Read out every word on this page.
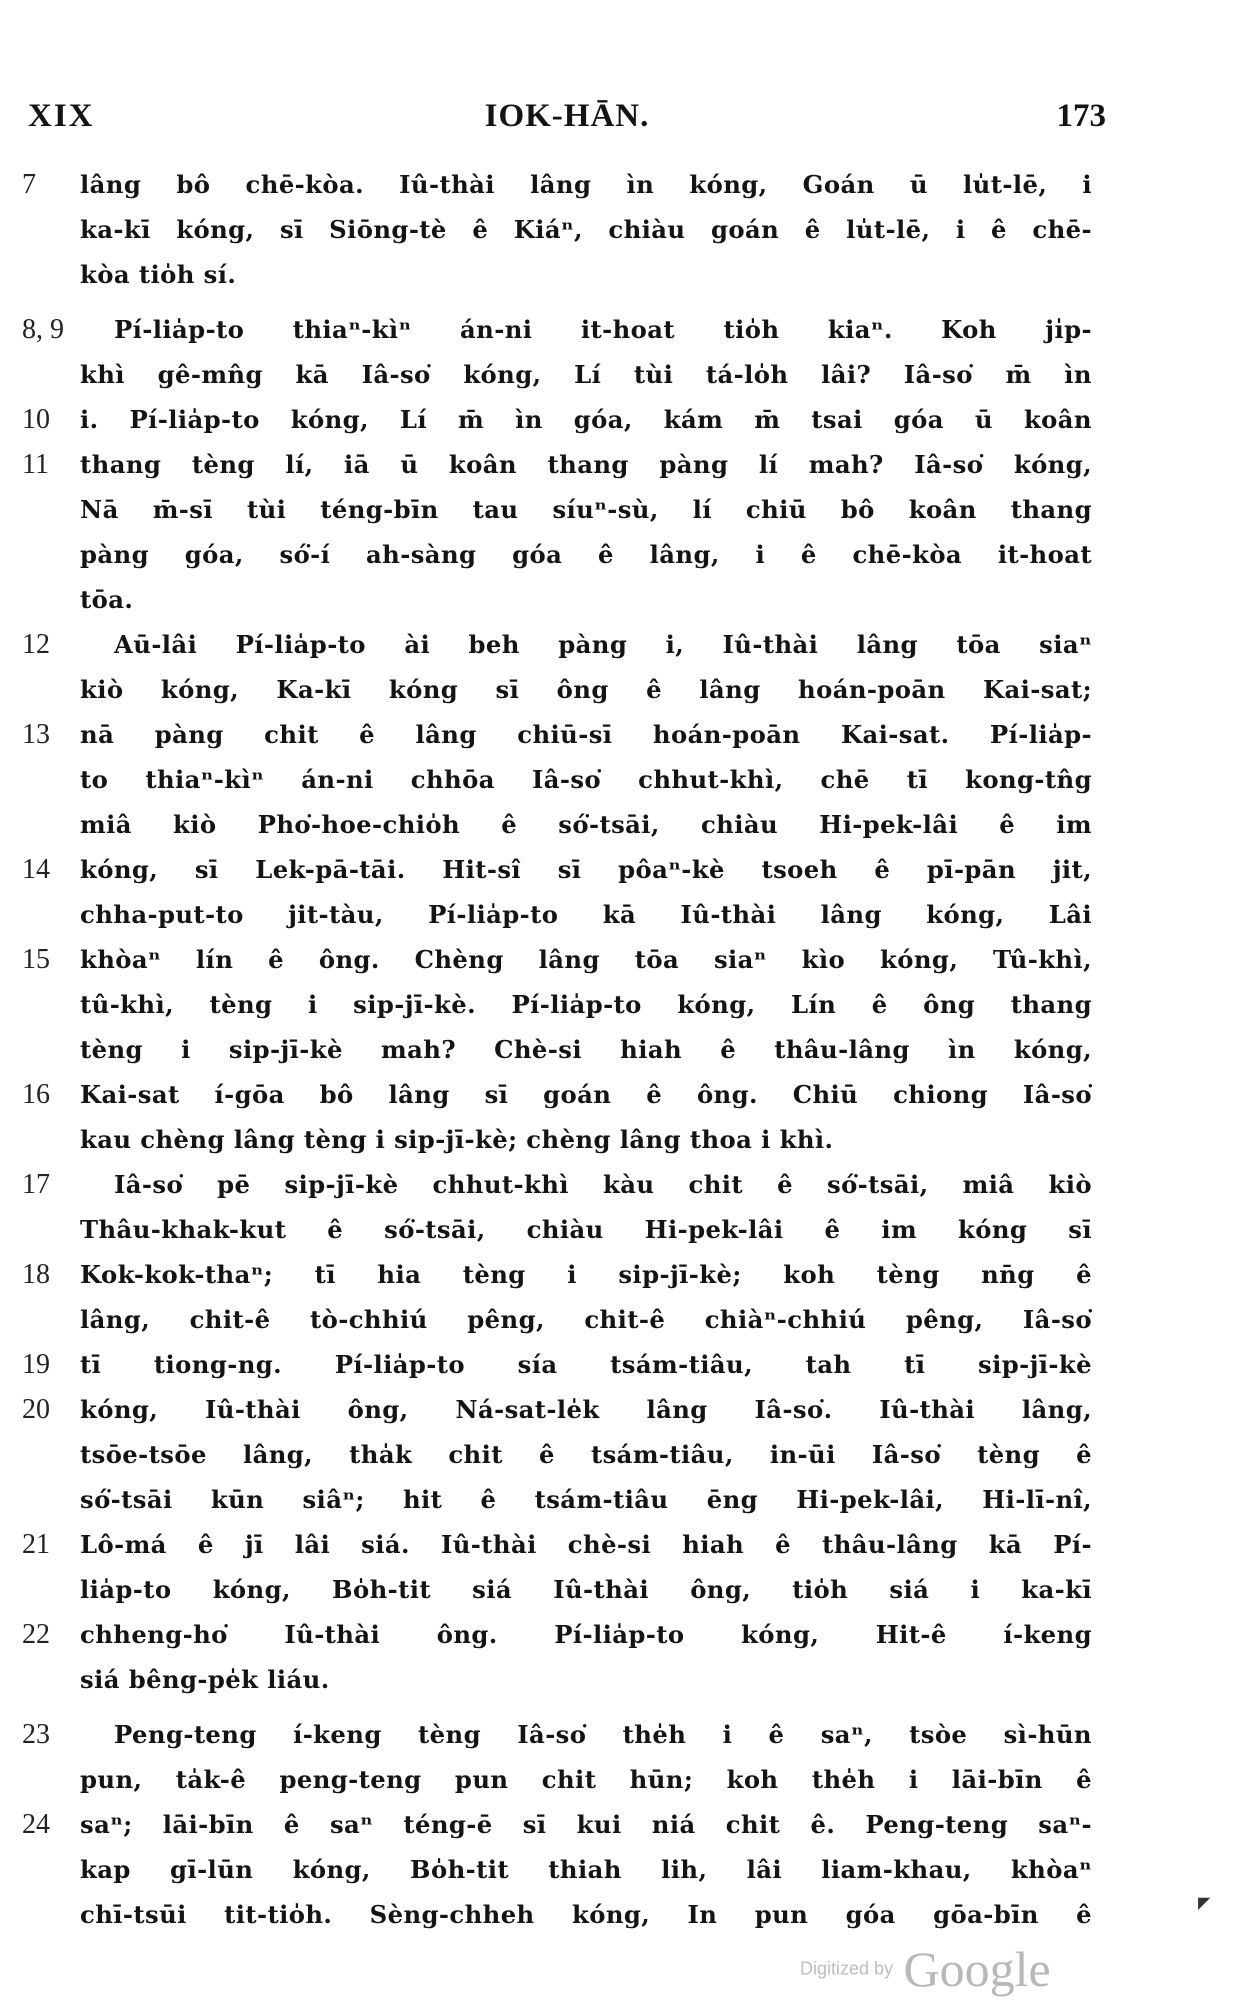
XIX	IOK-HĀN.	173
7	lâng bô chē-kòa. Iû-thài lâng ìn kóng, Goán ū lu̍t-lē, i
ka-kī kóng, sī Siōng-tè ê Kiáⁿ, chiàu goán ê lu̍t-lē, i ê chē-
kòa tio̍h sí.
8, 9	Pí-lia̍p-to thiaⁿ-kìⁿ án-ni it-hoat tio̍h kiaⁿ. Koh ji̍p-
khì gê-mn̂g kā Iâ-so͘ kóng, Lí tùi tá-lo̍h lâi? Iâ-so͘ m̄ ìn
10	i. Pí-lia̍p-to kóng, Lí m̄ ìn góa, kám m̄ tsai góa ū koân
11	thang tèng lí, iā ū koân thang pàng lí mah? Iâ-so͘ kóng,
Nā m̄-sī tùi téng-bīn tau síuⁿ-sù, lí chiū bô koân thang
pàng góa, só͘-í ah-sàng góa ê lâng, i ê chē-kòa it-hoat
tōa.
12	Aū-lâi Pí-lia̍p-to ài beh pàng i, Iû-thài lâng tōa siaⁿ
kiò kóng, Ka-kī kóng sī ông ê lâng hoán-poān Kai-sat;
13	nā pàng chit ê lâng chiū-sī hoán-poān Kai-sat. Pí-lia̍p-
to thiaⁿ-kìⁿ án-ni chhōa Iâ-so͘ chhut-khì, chē tī kong-tn̂g
miâ kiò Pho͘-hoe-chio̍h ê só͘-tsāi, chiàu Hi-pek-lâi ê im
14	kóng, sī Lek-pā-tāi. Hit-sî sī pôaⁿ-kè tsoeh ê pī-pān jit,
chha-put-to jit-tàu, Pí-lia̍p-to kā Iû-thài lâng kóng, Lâi
15	khòaⁿ lín ê ông. Chèng lâng tōa siaⁿ kìo kóng, Tû-khì,
tû-khì, tèng i sip-jī-kè. Pí-lia̍p-to kóng, Lín ê ông thang
tèng i sip-jī-kè mah? Chè-si hiah ê thâu-lâng ìn kóng,
16	Kai-sat í-gōa bô lâng sī goán ê ông. Chiū chiong Iâ-so͘
kau chèng lâng tèng i sip-jī-kè; chèng lâng thoa i khì.
17	Iâ-so͘ pē sip-jī-kè chhut-khì kàu chit ê só͘-tsāi, miâ kiò
Thâu-khak-kut ê só͘-tsāi, chiàu Hi-pek-lâi ê im kóng sī
18	Kok-kok-thaⁿ; tī hia tèng i sip-jī-kè; koh tèng nn̄g ê
lâng, chit-ê tò-chhiú pêng, chit-ê chiàⁿ-chhiú pêng, Iâ-so͘
19	tī tiong-ng. Pí-lia̍p-to sía tsám-tiâu, tah tī sip-jī-kè
20	kóng, Iû-thài ông, Ná-sat-le̍k lâng Iâ-so͘. Iû-thài lâng,
tsōe-tsōe lâng, tha̍k chit ê tsám-tiâu, in-ūi Iâ-so͘ tèng ê
só͘-tsāi kūn siâⁿ; hit ê tsám-tiâu ēng Hi-pek-lâi, Hi-lī-nî,
21	Lô-má ê jī lâi siá. Iû-thài chè-si hiah ê thâu-lâng kā Pí-
lia̍p-to kóng, Bo̍h-tit siá Iû-thài ông, tio̍h siá i ka-kī
22	chheng-ho͘ Iû-thài ông. Pí-lia̍p-to kóng, Hit-ê í-keng
siá bêng-pe̍k liáu.
23	Peng-teng í-keng tèng Iâ-so͘ the̍h i ê saⁿ, tsòe sì-hūn
pun, ta̍k-ê peng-teng pun chit hūn; koh the̍h i lāi-bīn ê
24	saⁿ; lāi-bīn ê saⁿ téng-ē sī kui niá chit ê. Peng-teng saⁿ-
kap gī-lūn kóng, Bo̍h-tit thiah lih, lâi liam-khau, khòaⁿ
chī-tsūi tit-tio̍h. Sèng-chheh kóng, In pun góa gōa-bīn ê	◤
Digitized by Google
